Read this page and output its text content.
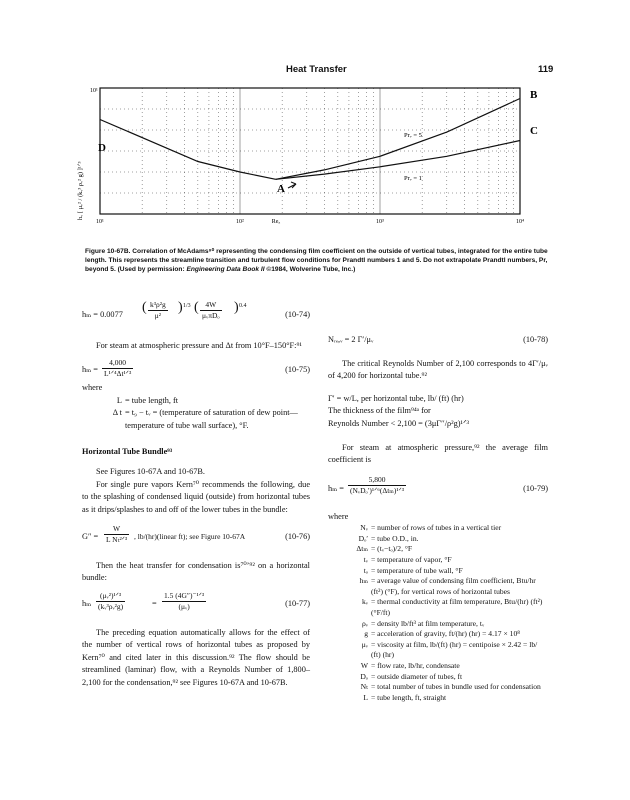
Heat Transfer	119
10¹
10¹	10²	Reₓ	10³	10⁴
hᵥ [ μᵥ² / (kᵥ³ ρᵥ² g) ]¹ᐟ³
D
B
C
A
Prᵥ = 5
Prᵥ = 1
Figure 10-67B. Correlation of McAdams⁹⁰ representing the condensing film coefficient on the outside of vertical tubes, integrated for the entire tube length. This represents the streamline transition and turbulent flow conditions for Prandtl numbers 1 and 5. Do not extrapolate Prandtl numbers, Pr, beyond 5. (Used by permission: Engineering Data Book II ©1984, Wolverine Tube, Inc.)
hₘ = 0.0077 ( $\frac{\text{k³ρ²g}}{\text{μ²}}$ ) 1/3 ( 4W
μᵥπDₒ
) 0.4
(10-74)

For steam at atmospheric pressure and Δt from 10°F–150°F:⁹¹

hₘ =
4,000
L¹ᐟ⁴Δt¹ᐟ³	(10-75)

where

L = tube length, ft
Δ t = t₉ − tᵥ = (temperature of saturation of dew point—temperature of tube wall surface), °F.

Horizontal Tube Bundle⁹³

See Figures 10-67A and 10-67B.

For single pure vapors Kern⁷⁰ recommends the following, due to the splashing of condensed liquid (outside) from horizontal tubes as it drips/splashes to and off of the lower tubes in the bundle:

G″ =
W
L Nₜ²ᐟ³ , lb/(hr)(linear ft); see Figure 10-67A	(10-76)

Then the heat transfer for condensation is⁷⁰’⁹² on a horizontal bundle:

hₘ
(μᵥ²)¹ᐟ³
(kᵥ³ρᵥ²g)	=
1.5 (4G″)⁻¹ᐟ³
(μᵥ)	(10-77)

The preceding equation automatically allows for the effect of the number of vertical rows of horizontal tubes as proposed by Kern⁷⁰ and cited later in this discussion.⁹² The flow should be streamlined (laminar) flow, with a Reynolds Number of 1,800– 2,100 for the condensation,⁹² see Figures 10-67A and 10-67B.

Nᵣₑ,ᵥ = 2 Γ′/μᵥ	(10-78)

The critical Reynolds Number of 2,100 corresponds to 4Γ′/μᵥ of 4,200 for horizontal tube.⁹²

Γ′ = w/L, per horizontal tube, lb/ (ft) (hr)

The thickness of the film⁹⁴ᵃ for

Reynolds Number < 2,100 = (3μΓ′′/ρ²g)¹ᐟ³

For steam at atmospheric pressure,⁹² the average film coefficient is

hₘ =
5,800
(NᵥDₒ′)¹ᐟ⁶(Δtₘ)¹ᐟ³	(10-79)

where

Nᵥ = number of rows of tubes in a vertical tier
Dₒ′ = tube O.D., in.
Δtₘ = (tᵥ−tₒ)/2, °F
tᵥ = temperature of vapor, °F
tₒ = temperature of tube wall, °F
hₘ = average value of condensing film coefficient, Btu/hr (ft²) (°F), for vertical rows of horizontal tubes
kᵥ = thermal conductivity at film temperature, Btu/(hr) (ft²) (°F/ft)
ρᵥ = density lb/ft³ at film temperature, tᵥ
g = acceleration of gravity, ft/(hr) (hr) = 4.17 × 10⁸
μᵥ = viscosity at film, lb/(ft) (hr) = centipoise × 2.42 = lb/ (ft) (hr)
W = flow rate, lb/hr, condensate
Dₒ = outside diameter of tubes, ft
Nₜ = total number of tubes in bundle used for condensation
L = tube length, ft, straight
